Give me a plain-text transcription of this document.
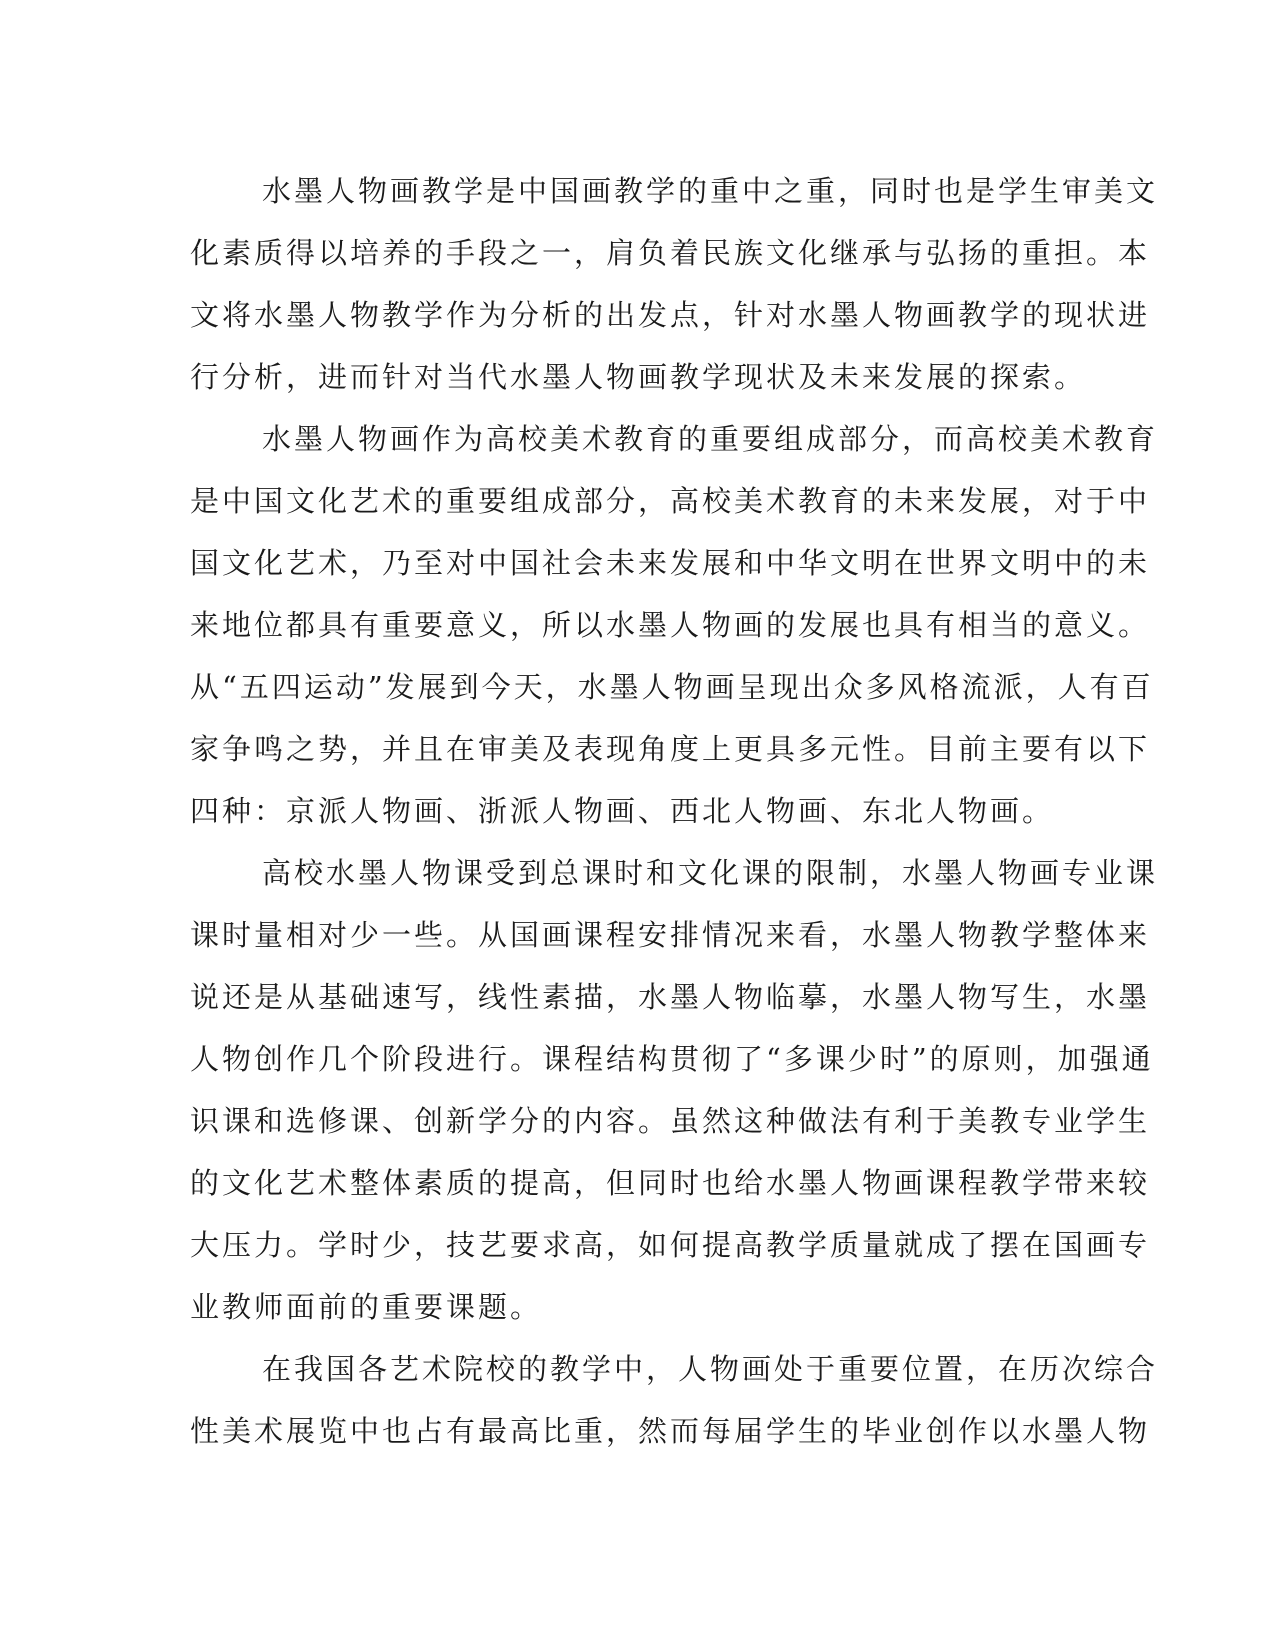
水墨人物画教学是中国画教学的重中之重，同时也是学生审美文
化素质得以培养的手段之一，肩负着民族文化继承与弘扬的重担。本
文将水墨人物教学作为分析的出发点，针对水墨人物画教学的现状进
行分析，进而针对当代水墨人物画教学现状及未来发展的探索。
水墨人物画作为高校美术教育的重要组成部分，而高校美术教育
是中国文化艺术的重要组成部分，高校美术教育的未来发展，对于中
国文化艺术，乃至对中国社会未来发展和中华文明在世界文明中的未
来地位都具有重要意义，所以水墨人物画的发展也具有相当的意义。
从“五四运动”发展到今天，水墨人物画呈现出众多风格流派，人有百
家争鸣之势，并且在审美及表现角度上更具多元性。目前主要有以下
四种：京派人物画、浙派人物画、西北人物画、东北人物画。
高校水墨人物课受到总课时和文化课的限制，水墨人物画专业课
课时量相对少一些。从国画课程安排情况来看，水墨人物教学整体来
说还是从基础速写，线性素描，水墨人物临摹，水墨人物写生，水墨
人物创作几个阶段进行。课程结构贯彻了“多课少时”的原则，加强通
识课和选修课、创新学分的内容。虽然这种做法有利于美教专业学生
的文化艺术整体素质的提高，但同时也给水墨人物画课程教学带来较
大压力。学时少，技艺要求高，如何提高教学质量就成了摆在国画专
业教师面前的重要课题。
在我国各艺术院校的教学中，人物画处于重要位置，在历次综合
性美术展览中也占有最高比重，然而每届学生的毕业创作以水墨人物
